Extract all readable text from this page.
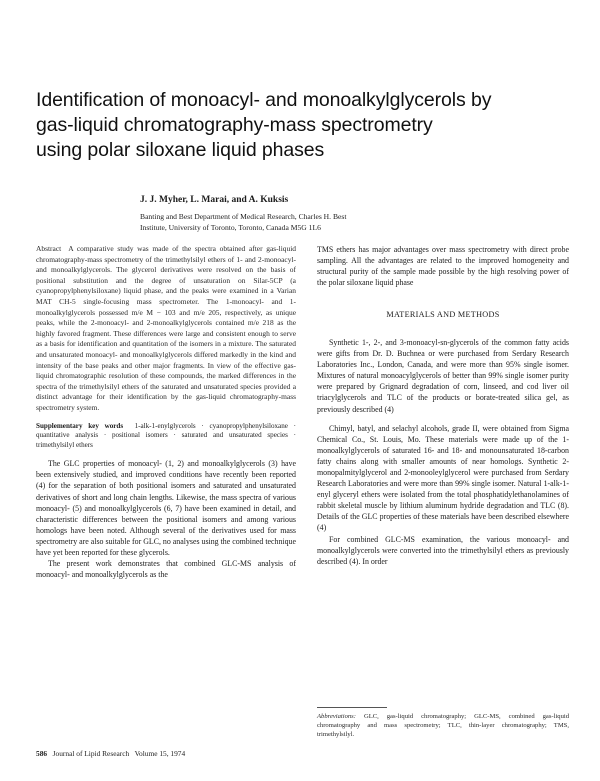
Identification of monoacyl- and monoalkylglycerols by
gas-liquid chromatography-mass spectrometry
using polar siloxane liquid phases
J. J. Myher, L. Marai, and A. Kuksis
Banting and Best Department of Medical Research, Charles H. Best
Institute, University of Toronto, Toronto, Canada M5G 1L6

Abstract A comparative study was made of the spectra obtained after gas-liquid chromatography-mass spectrometry of the trimethylsilyl ethers of 1- and 2-monoacyl- and monoalkylglycerols. The glycerol derivatives were resolved on the basis of positional substitution and the degree of unsaturation on Silar-5CP (a cyanopropylphenylsiloxane) liquid phase, and the peaks were examined in a Varian MAT CH-5 single-focusing mass spectrometer. The 1-monoacyl- and 1-monoalkylglycerols possessed m/e M − 103 and m/e 205, respectively, as unique peaks, while the 2-monoacyl- and 2-monoalkylglycerols contained m/e 218 as the highly favored fragment. These differences were large and consistent enough to serve as a basis for identification and quantitation of the isomers in a mixture. The saturated and unsaturated monoacyl- and monoalkylglycerols differed markedly in the kind and intensity of the base peaks and other major fragments. In view of the effective gas-liquid chromatographic resolution of these compounds, the marked differences in the spectra of the trimethylsilyl ethers of the saturated and unsaturated species provided a distinct advantage for their identification by the gas-liquid chromatography-mass spectrometry system.

Supplementary key words 1-alk-1-enylglycerols · cyanopropylphenylsiloxane · quantitative analysis · positional isomers · saturated and unsaturated species · trimethylsilyl ethers

The GLC properties of monoacyl- (1, 2) and monoalkylglycerols (3) have been extensively studied, and improved conditions have recently been reported (4) for the separation of both positional isomers and saturated and unsaturated derivatives of short and long chain lengths. Likewise, the mass spectra of various monoacyl- (5) and monoalkylglycerols (6, 7) have been examined in detail, and characteristic differences between the positional isomers and among various homologs have been noted. Although several of the derivatives used for mass spectrometry are also suitable for GLC, no analyses using the combined technique have yet been reported for these glycerols.

The present work demonstrates that combined GLC-MS analysis of monoacyl- and monoalkylglycerols as the

TMS ethers has major advantages over mass spectrometry with direct probe sampling. All the advantages are related to the improved homogeneity and structural purity of the sample made possible by the high resolving power of the polar siloxane liquid phase

MATERIALS AND METHODS

Synthetic 1-, 2-, and 3-monoacyl-sn-glycerols of the common fatty acids were gifts from Dr. D. Buchnea or were purchased from Serdary Research Laboratories Inc., London, Canada, and were more than 95% single isomer. Mixtures of natural monoacylglycerols of better than 99% single isomer purity were prepared by Grignard degradation of corn, linseed, and cod liver oil triacylglycerols and TLC of the products or borate-treated silica gel, as previously described (4)

Chimyl, batyl, and selachyl alcohols, grade II, were obtained from Sigma Chemical Co., St. Louis, Mo. These materials were made up of the 1-monoalkylglycerols of saturated 16- and 18- and monounsaturated 18-carbon fatty chains along with smaller amounts of near homologs. Synthetic 2-monopalmitylglycerol and 2-monooleylglycerol were purchased from Serdary Research Laboratories and were more than 99% single isomer. Natural 1-alk-1-enyl glyceryl ethers were isolated from the total phosphatidylethanolamines of rabbit skeletal muscle by lithium aluminum hydride degradation and TLC (8). Details of the GLC properties of these materials have been described elsewhere (4)

For combined GLC-MS examination, the various monoacyl- and monoalkylglycerols were converted into the trimethylsilyl ethers as previously described (4). In order

Abbreviations: GLC, gas-liquid chromatography; GLC-MS, combined gas-liquid chromatography and mass spectrometry; TLC, thin-layer chromatography; TMS, trimethylsilyl.
586 Journal of Lipid Research Volume 15, 1974
